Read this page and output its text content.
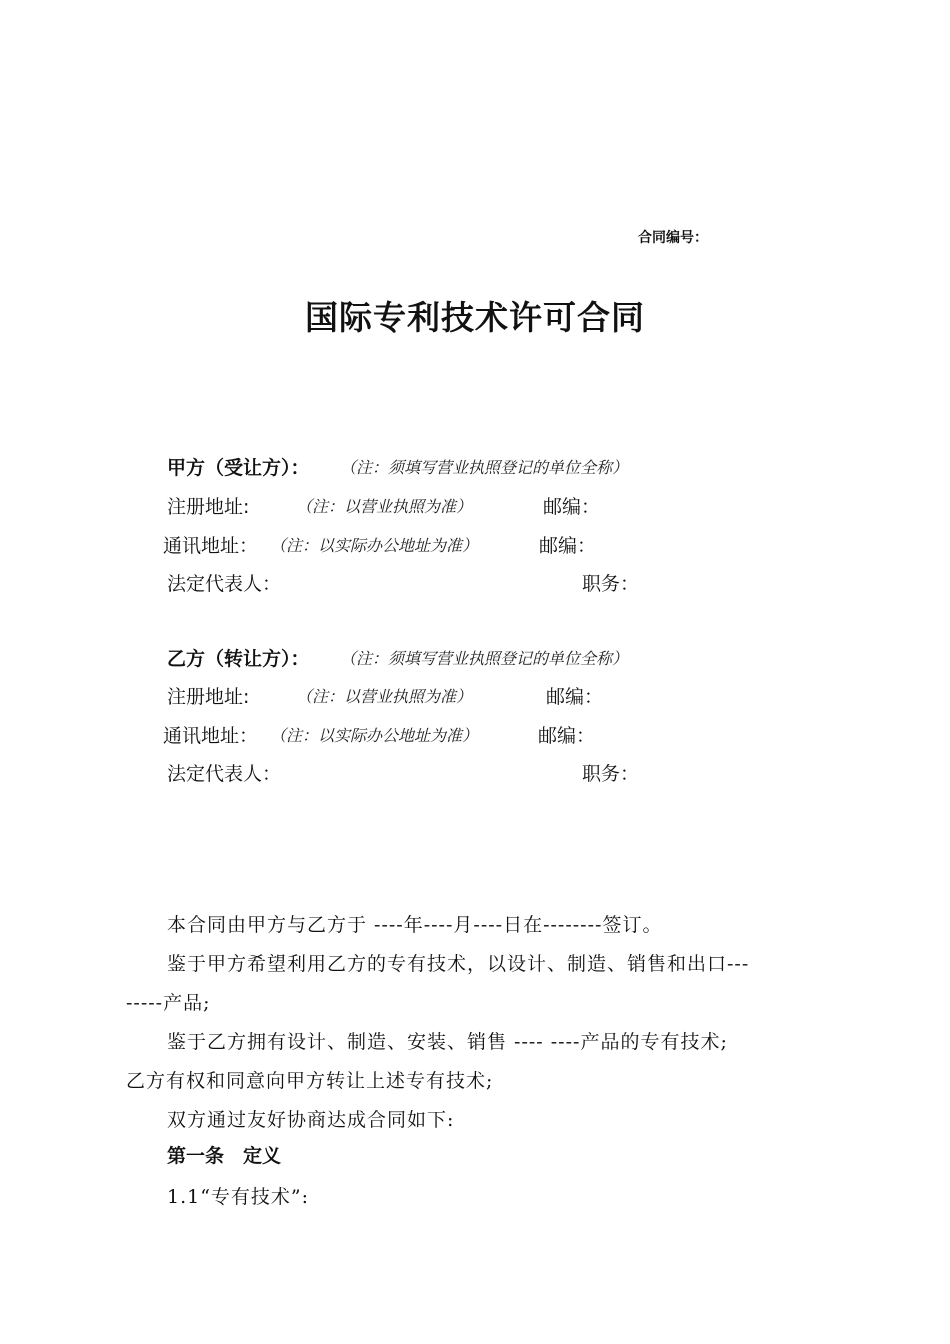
合同编号：
国际专利技术许可合同
甲方（受让方）： （注：须填写营业执照登记的单位全称）
注册地址:	（注：以营业执照为准）	邮编：
通讯地址： （注：以实际办公地址为准）	邮编：
法定代表人：	职务：
乙方（转让方）： （注：须填写营业执照登记的单位全称）
注册地址:	（注：以营业执照为准）	邮编：
通讯地址： （注：以实际办公地址为准）	邮编：
法定代表人：	职务：
本合同由甲方与乙方于 ----年----月----日在--------签订。
鉴于甲方希望利用乙方的专有技术，以设计、制造、销售和出口---
-----产品;
鉴于乙方拥有设计、制造、安装、销售 ---- ----产品的专有技术;
乙方有权和同意向甲方转让上述专有技术;
双方通过友好协商达成合同如下:
第一条　定义
1.1“专有技术”:
